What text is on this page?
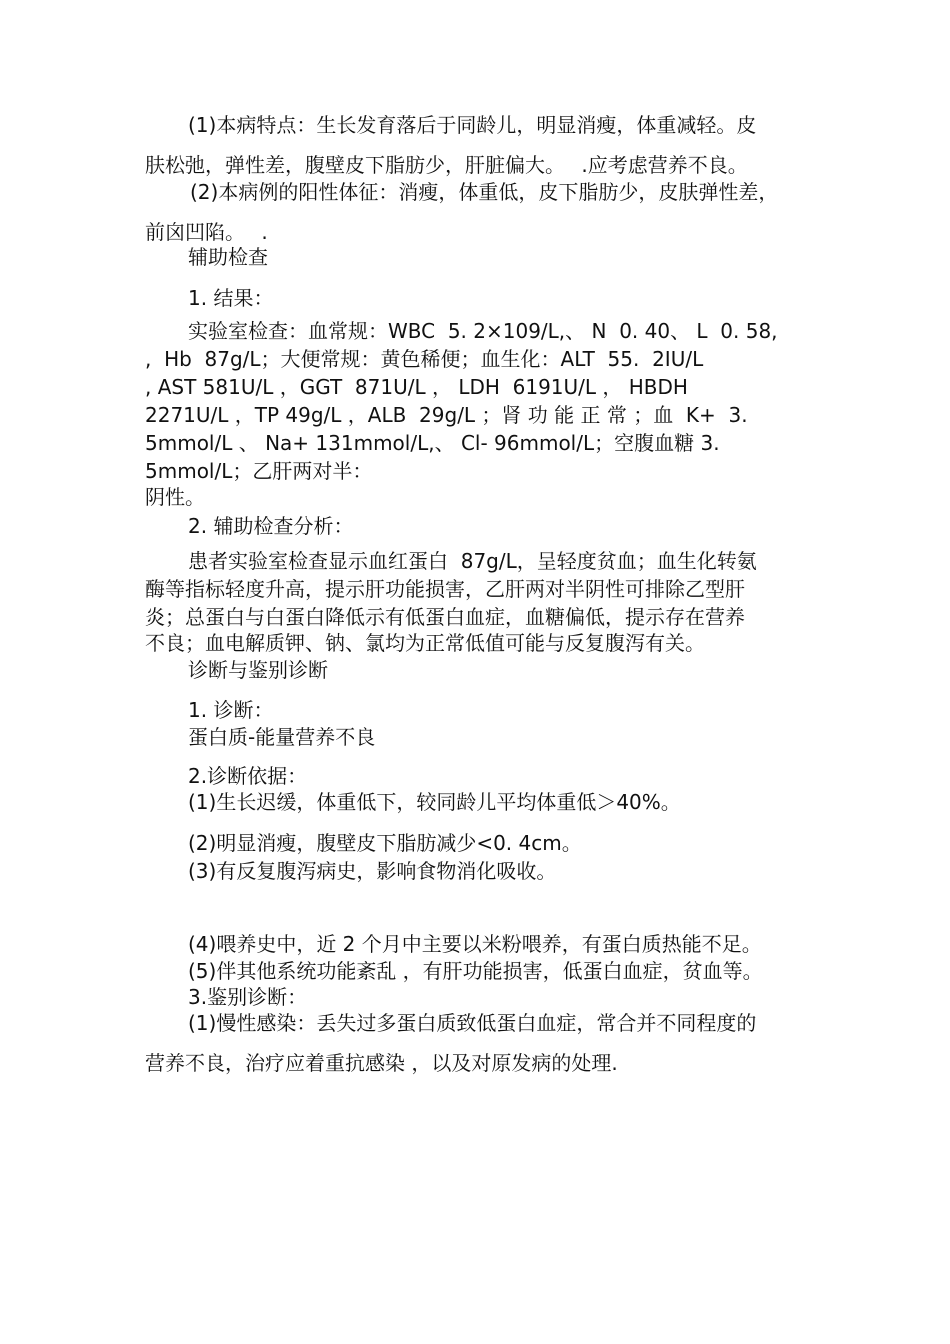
(1)本病特点：生长发育落后于同龄儿，明显消瘦，体重减轻。皮
肤松弛，弹性差，腹壁皮下脂肪少，肝脏偏大。　 .应考虑营养不良。
(2)本病例的阳性体征：消瘦，体重低，皮下脂肪少，皮肤弹性差，
前囟凹陷。　 .
辅助检查
1. 结果：
实验室检查：血常规：WBC  5. 2×109/L,、 N  0. 40、 L  0. 58,
,  Hb  87g/L；大便常规：黄色稀便；血生化：ALT  55.  2IU/L
, AST 581U/L ，GGT  871U/L ， LDH  6191U/L ， HBDH
2271U/L ，TP 49g/L ，ALB  29g/L ；肾 功 能 正 常 ；血  K+  3.
5mmol/L 、 Na+ 131mmol/L,、 Cl- 96mmol/L；空腹血糖 3.
5mmol/L；乙肝两对半：
阴性。
2. 辅助检查分析：
患者实验室检查显示血红蛋白  87g/L，呈轻度贫血；血生化转氨
酶等指标轻度升高，提示肝功能损害，乙肝两对半阴性可排除乙型肝
炎；总蛋白与白蛋白降低示有低蛋白血症，血糖偏低，提示存在营养
不良；血电解质钾、钠、氯均为正常低值可能与反复腹泻有关。
诊断与鉴别诊断
1. 诊断：
蛋白质-能量营养不良
2.诊断依据：
(1)生长迟缓，体重低下，较同龄儿平均体重低＞40%。
(2)明显消瘦，腹壁皮下脂肪减少<0. 4cm。
(3)有反复腹泻病史，影响食物消化吸收。
(4)喂养史中，近 2 个月中主要以米粉喂养，有蛋白质热能不足。
(5)伴其他系统功能紊乱 ，有肝功能损害，低蛋白血症，贫血等。
3.鉴别诊断：
(1)慢性感染：丢失过多蛋白质致低蛋白血症，常合并不同程度的
营养不良，治疗应着重抗感染 ，以及对原发病的处理.
